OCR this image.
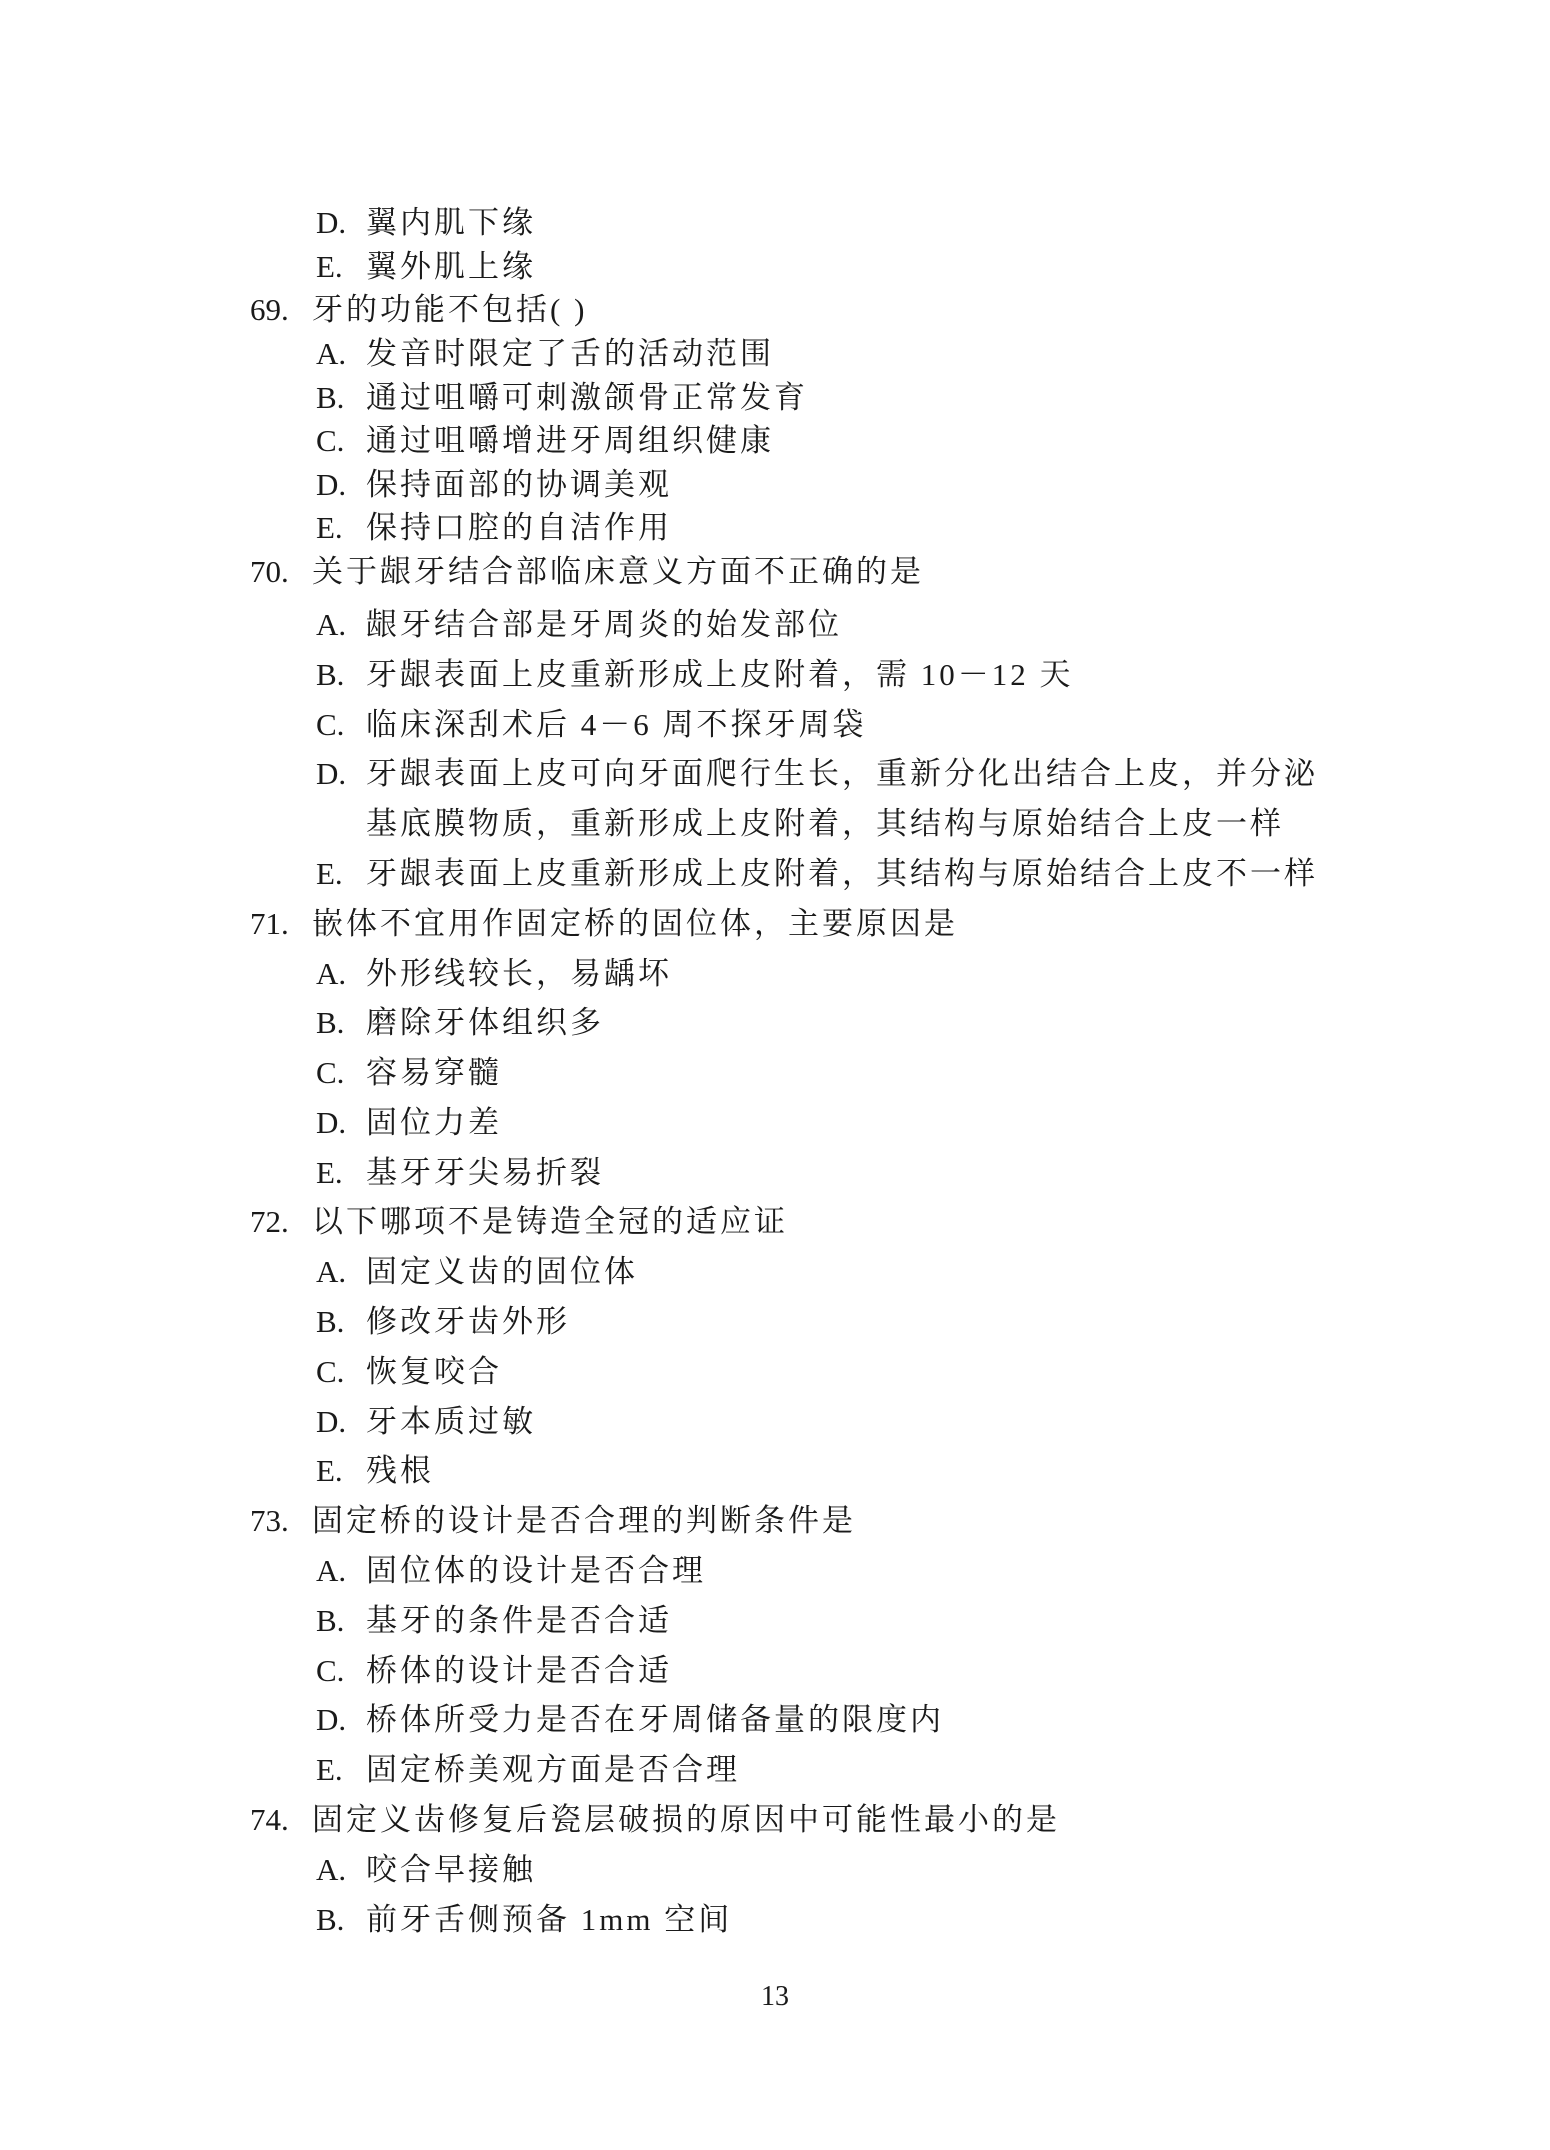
D. 翼内肌下缘
E. 翼外肌上缘
69. 牙的功能不包括( )
A. 发音时限定了舌的活动范围
B. 通过咀嚼可刺激颌骨正常发育
C. 通过咀嚼增进牙周组织健康
D. 保持面部的协调美观
E. 保持口腔的自洁作用
70. 关于龈牙结合部临床意义方面不正确的是
A. 龈牙结合部是牙周炎的始发部位
B. 牙龈表面上皮重新形成上皮附着，需 10－12 天
C. 临床深刮术后 4－6 周不探牙周袋
D. 牙龈表面上皮可向牙面爬行生长，重新分化出结合上皮，并分泌
基底膜物质，重新形成上皮附着，其结构与原始结合上皮一样
E. 牙龈表面上皮重新形成上皮附着，其结构与原始结合上皮不一样
71. 嵌体不宜用作固定桥的固位体，主要原因是
A. 外形线较长，易龋坏
B. 磨除牙体组织多
C. 容易穿髓
D. 固位力差
E. 基牙牙尖易折裂
72. 以下哪项不是铸造全冠的适应证
A. 固定义齿的固位体
B. 修改牙齿外形
C. 恢复咬合
D. 牙本质过敏
E. 残根
73. 固定桥的设计是否合理的判断条件是
A. 固位体的设计是否合理
B. 基牙的条件是否合适
C. 桥体的设计是否合适
D. 桥体所受力是否在牙周储备量的限度内
E. 固定桥美观方面是否合理
74. 固定义齿修复后瓷层破损的原因中可能性最小的是
A. 咬合早接触
B. 前牙舌侧预备 1mm 空间
13
